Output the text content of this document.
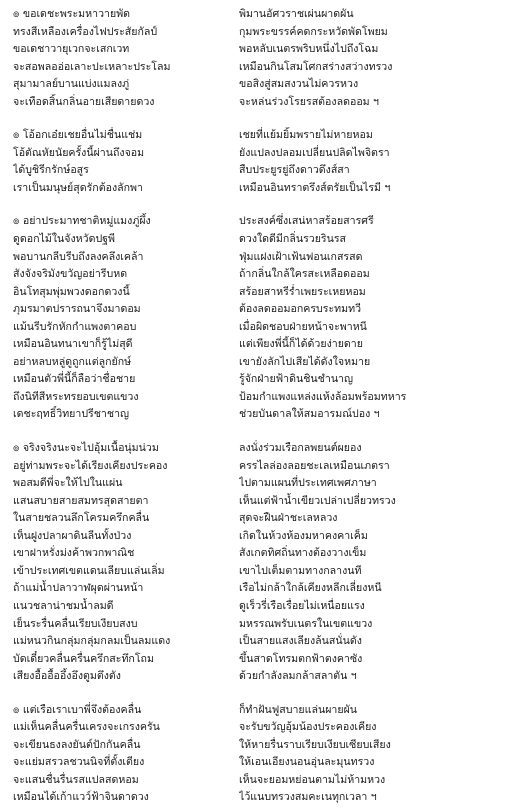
๏ ขอเดชะพระมหาวายพัด
ทรงสีเหลืองเครื่องไฟประสัยกัลป์
ขอเดชาวายุเวกจะเสกเวท
จะสอพลออ่อเลาะปะเหลาะประโลม
สุมามาลย์บานแบ่งแมลงภู่
จะเทือดสิ้นกลิ่นอายเสียดายดวง
พิมานอัศวราชเผ่นผาดผัน
กุมพระขรรค์คดกระหวัดพัดโพยม
พอหลับเนตรพริบหนึ่งไปถึงโฉม
เหมือนกินโสมโศกสร่างสว่างทรวง
ขอสิงสู่สมสงวนไม่ควรหวง
จะหล่นร่วงโรยรสต้องลดออม ฯ
๏ โอ้อกเอ๋ยเชยอื่นไม่ชื่นแช่ม
โอ้ตัณหัยนัยครั้งนี้ผ่านถึงจอม
ได้บูชิรีกรักษ์อสูร
เราเป็นมนุษย์สุดรักต้องลักพา
เชยที่แย้มยิ้มพรายไม่หายหอม
ยังแปลงปลอมเปลี่ยนปลิดไพจิตรา
สืบประยูรยู่ถึงดาวดึงส์สา
เหมือนอินทราตรึงส์ตรัยเป็นไรมี ฯ
๏ อย่าประมาทชาติหมู่แมงภู่ผึ้ง
ดูดอกไม้ในจังหวัดปฐพี
พอบานกลีบรีบถึงลงคลึงเคล้า
สังจังจริมังขวัญอย่ารีบหด
อินโทสุมพุ่มพวงดอกดวงนี้
ภุมรมาตปรารถนาจึงมาดอม
แม้นรีบรักหักกำแพงตาคอบ
เหมือนอินทนาเขาก็รู้ไม่สุดี
อย่าหลบหลู่ดูถูกแต่ลูกยักษ์
เหมือนตัวพี่นี้ก็ลือว่าชื่อชาย
ถึงนิทีสีหระทรยอบเขตแขวง
เดชะฤทธิ์วิทยาปรีชาชาญ
ประสงค์ซึ่งเสน่หาสร้อยสารศรี
ดวงใดดีมีกลิ่นรวยรินรส
ฟุ่มแฝงเฝ้าเฟ้นฟอนเกสรสด
ถ้ากลิ่นใกล้ใครสะเหลือดออม
สร้อยสาหรีร่ำเพยระเหยหอม
ต้องลดออมอกครบระทมทวี
เมื่อผิดชอบฝ่ายหน้าจะพาหนี
แต่เพียงพี่นี้ก็ได้ด้วยง่ายดาย
เขายังลักไปเสียได้ดังใจหมาย
รู้จักฝ่ายฟ้าดินชินชำนาญ
ป้อมกำแพงแหล่งแห้งล้อมพร้อมทหาร
ช่วยบันดาลให้สมอารมณ์ปอง ฯ
๏ จริงจริงนะจะไปอุ้มเนื้อนุ่มน่วม
อยู่ท่ามพระจะได้เรียงเคียงประคอง
พอสมดีพี่จะให้ไปในแผ่น
แสนสบายสายสมทรสุดสายตา
ในสายชลวนลึกโครมครึกคลื่น
เห็นฝูงปลาผาดินลีนทั้งป่วง
เขาฝาหรั่งม่งค้าพวกพาณิช
เข้าประเทศเขตแดนเลียบแล่นเลิ่ม
ถ้าแม่น้ำปลาวาฬผุดผ่านหน้า
แนวชลาน่าชมน้ำลมดี
เย็นระรื่นคลื่นเรียบเงียบสงบ
แม่หนวกินกลุ่มกลุ่มกลมเป็นลมแดง
บัดเดี๋ยวคลื่นครื่นครึกสะทึกโถม
เสียงอื้ออื้ออึ้งอึงตูมตึงตัง
ลงนั่งร่วมเรือกลพยนต์ผยอง
ครรไลล่องลอยชะเลเหมือนเภตรา
ไปตามแผนที่ประเทศเพศภาษา
เห็นแต่ฟ้าน้ำเขียวเปล่าเปลี่ยวทรวง
สุดจะฝืนฝ่าชะเลหลวง
เกิดในห้วงห้องมหาคงคาเค็ม
สังเกตทิศถิ่นทางต้องวางเข็ม
เขาไปเต็มตามทางกลางนที
เรือไม่กล้าใกล้เคียงหลีกเลี่ยงหนี
ดูเร็วรี่เรือเรื่อยไม่เหนื่อยแรง
มหรรณพรับเนตรในเขตแขวง
เป็นสายแสงเลียงล้นสนั่นดัง
ขึ้นสาดโทรมตกฟ้าตงคาซัง
ด้วยกำลังลมกล้าสลาตัน ฯ
๏ แต่เรือเราเบาพี่จึงต้องคลื่น
แม่เห็นคลื่นครื่นเครงจะเกรงครัน
จะเขียนธงลงยันต์ปักกันคลื่น
จะแย่มสรวลชวนนิจที่ตั้งเตียง
จะแสนชื่นรื่นรสแปลสดหอม
เหมือนได้เก้าแวว์ฟ้าจินดาดวง
ก็ทำฝันฟูสบายแล่นผายผัน
จะรับขวัญอุ้มน้องประคองเคียง
ให้หายรื่นราบเรียบเงียบเซียบเสียง
ให้เอนเอียงนอนอุ่นละมุนทรวง
เห็นจะยอมหย่อนตามไม่ห้ามหวง
ไว้แนบทรวงสมคะเนทุกเวลา ฯ
